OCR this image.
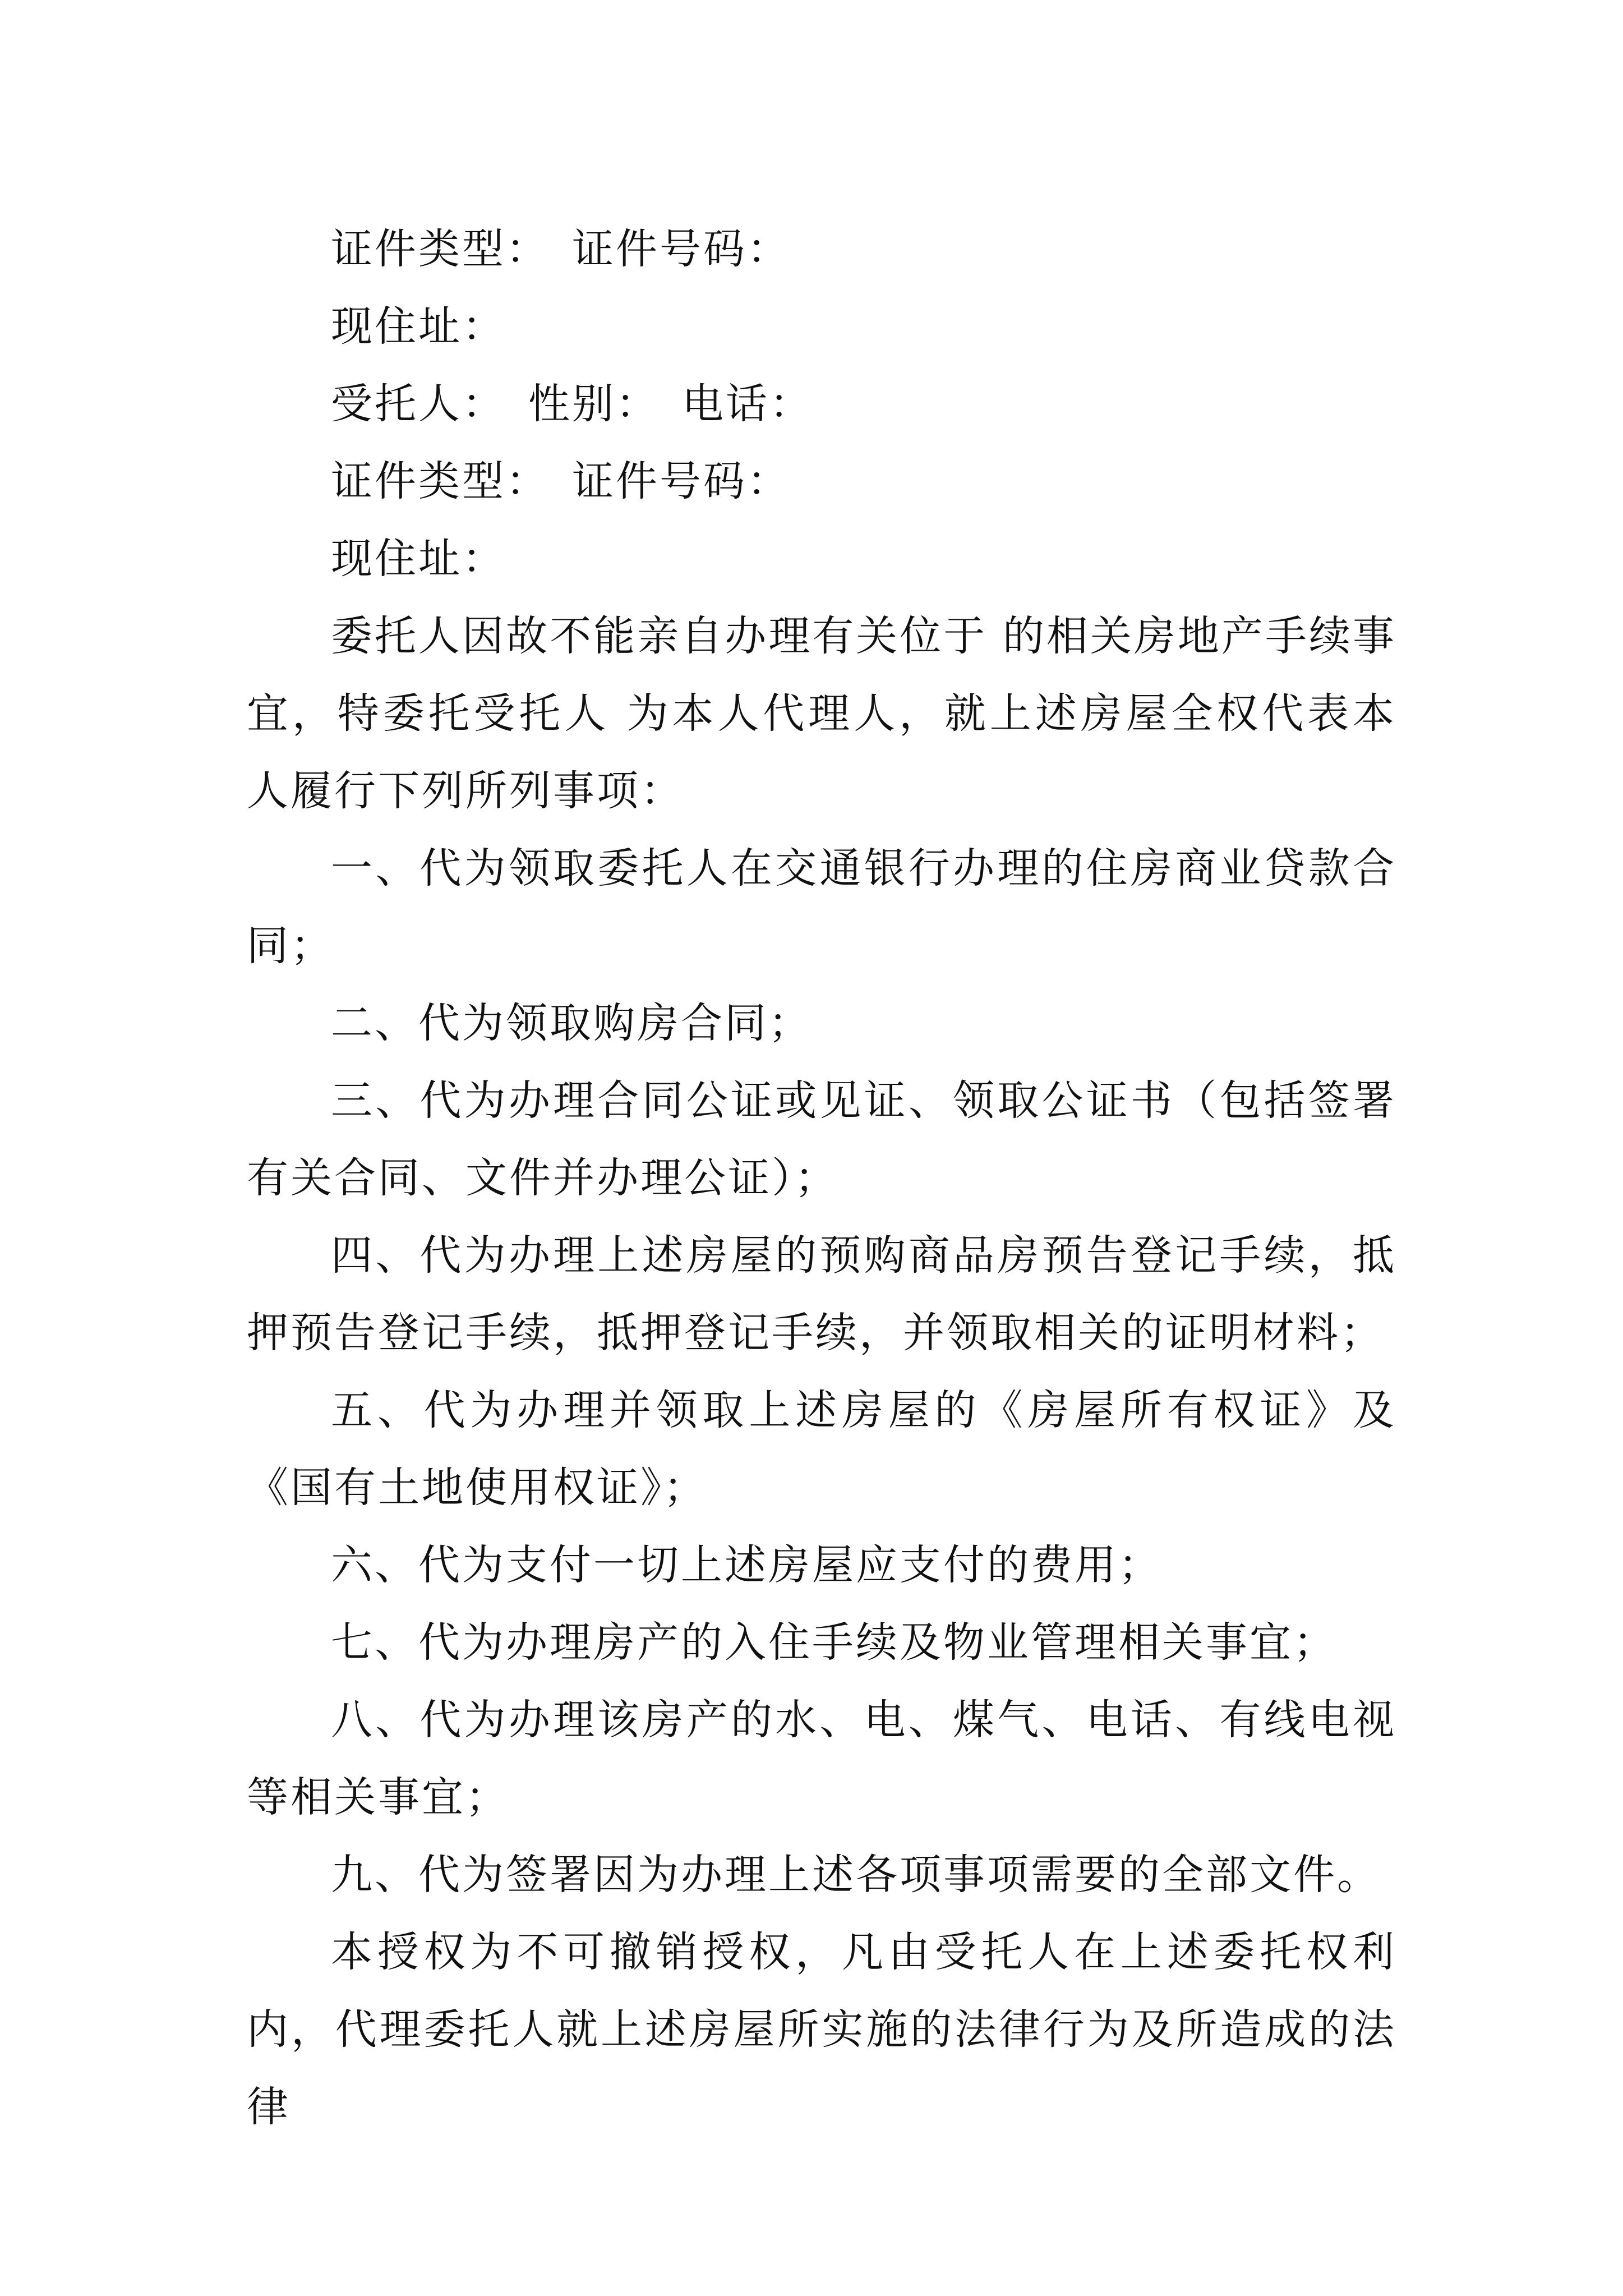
证件类型： 证件号码：
现住址：
受托人： 性别： 电话：
证件类型： 证件号码：
现住址：

委托人因故不能亲自办理有关位于 的相关房地产手续事宜，特委托受托人 为本人代理人，就上述房屋全权代表本人履行下列所列事项：

一、代为领取委托人在交通银行办理的住房商业贷款合同；

二、代为领取购房合同；

三、代为办理合同公证或见证、领取公证书（包括签署有关合同、文件并办理公证）；

四、代为办理上述房屋的预购商品房预告登记手续，抵押预告登记手续，抵押登记手续，并领取相关的证明材料；

五、代为办理并领取上述房屋的《房屋所有权证》及《国有土地使用权证》；

六、代为支付一切上述房屋应支付的费用；

七、代为办理房产的入住手续及物业管理相关事宜；

八、代为办理该房产的水、电、煤气、电话、有线电视等相关事宜；

九、代为签署因为办理上述各项事项需要的全部文件。

本授权为不可撤销授权，凡由受托人在上述委托权利内，代理委托人就上述房屋所实施的法律行为及所造成的法律
